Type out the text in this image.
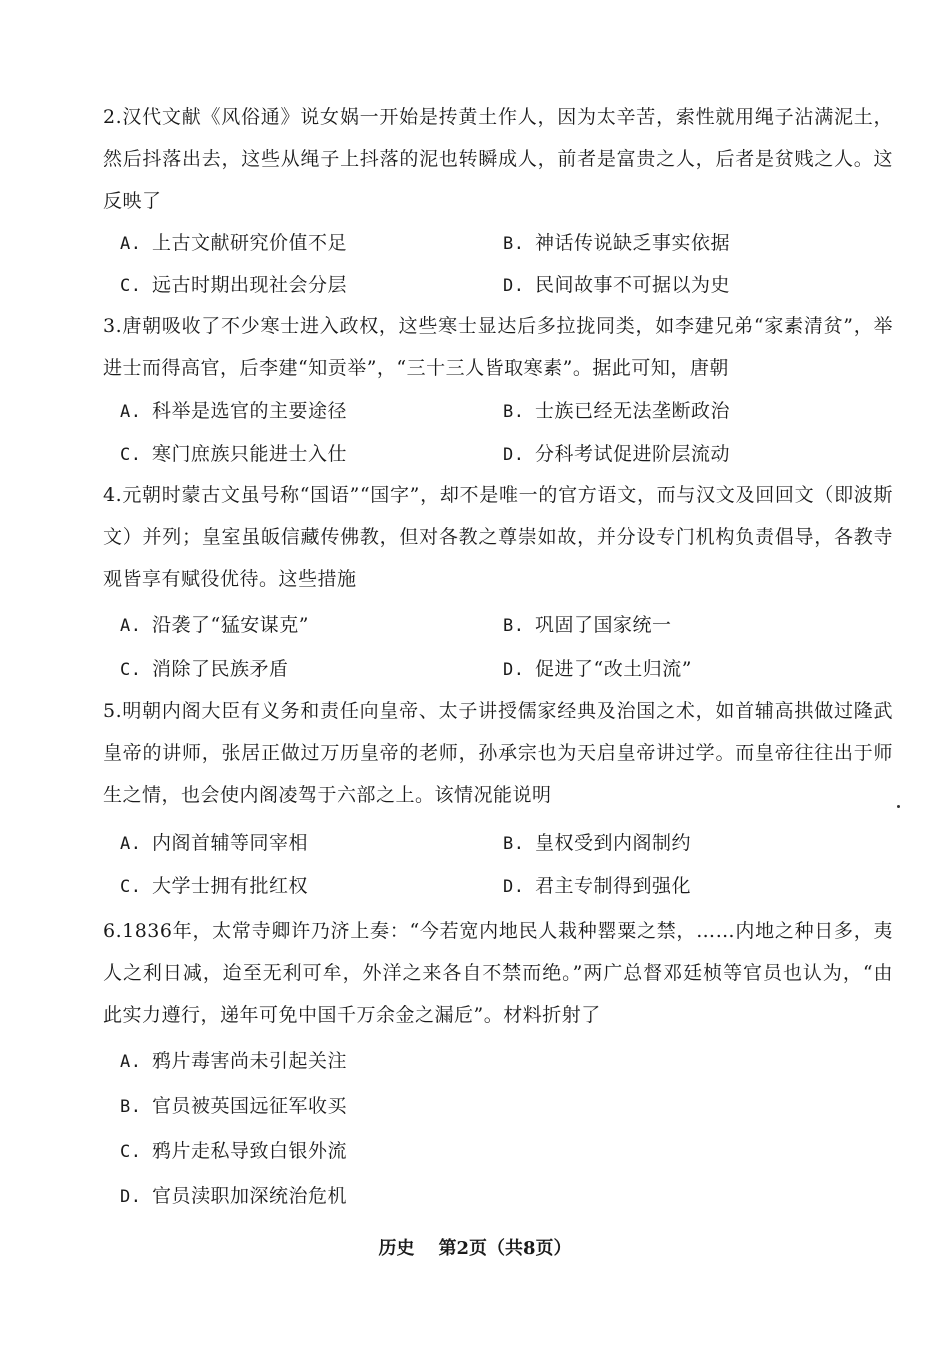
2.汉代文献《风俗通》说女娲一开始是抟黄土作人，因为太辛苦，索性就用绳子沾满泥土，然后抖落出去，这些从绳子上抖落的泥也转瞬成人，前者是富贵之人，后者是贫贱之人。这反映了
A. 上古文献研究价值不足	B. 神话传说缺乏事实依据
C. 远古时期出现社会分层	D. 民间故事不可据以为史
3.唐朝吸收了不少寒士进入政权，这些寒士显达后多拉拢同类，如李建兄弟“家素清贫”，举进士而得高官，后李建“知贡举”，“三十三人皆取寒素”。据此可知，唐朝
A. 科举是选官的主要途径	B. 士族已经无法垄断政治
C. 寒门庶族只能进士入仕	D. 分科考试促进阶层流动
4.元朝时蒙古文虽号称“国语”“国字”，却不是唯一的官方语文，而与汉文及回回文（即波斯文）并列；皇室虽皈信藏传佛教，但对各教之尊崇如故，并分设专门机构负责倡导，各教寺观皆享有赋役优待。这些措施
A. 沿袭了“猛安谋克”	B. 巩固了国家统一
C. 消除了民族矛盾	D. 促进了“改土归流”
5.明朝内阁大臣有义务和责任向皇帝、太子讲授儒家经典及治国之术，如首辅高拱做过隆武皇帝的讲师，张居正做过万历皇帝的老师，孙承宗也为天启皇帝讲过学。而皇帝往往出于师生之情，也会使内阁凌驾于六部之上。该情况能说明
A. 内阁首辅等同宰相	B. 皇权受到内阁制约
C. 大学士拥有批红权	D. 君主专制得到强化
6.1836年，太常寺卿许乃济上奏：“今若宽内地民人栽种罂粟之禁，……内地之种日多，夷人之利日减，迨至无利可牟，外洋之来各自不禁而绝。”两广总督邓廷桢等官员也认为，“由此实力遵行，递年可免中国千万余金之漏卮”。材料折射了
A. 鸦片毒害尚未引起关注
B. 官员被英国远征军收买
C. 鸦片走私导致白银外流
D. 官员渎职加深统治危机
历史 第2页（共8页）
